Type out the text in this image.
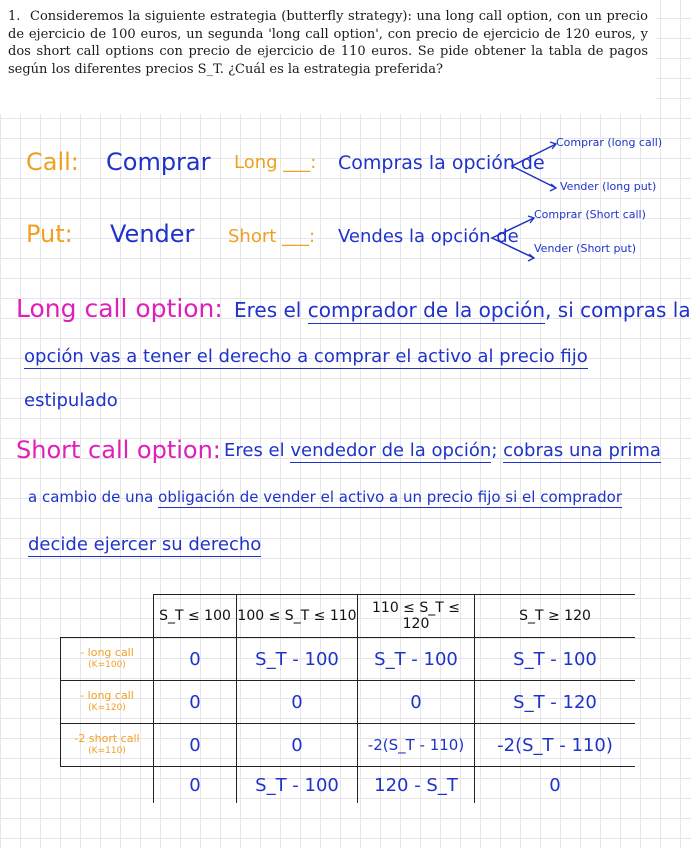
1. Consideremos la siguiente estrategia (butterfly strategy): una long call option, con un precio de ejercicio de 100 euros, un segunda 'long call option', con precio de ejercicio de 120 euros, y dos short call options con precio de ejercicio de 110 euros. Se pide obtener la tabla de pagos según los diferentes precios S_T. ¿Cuál es la estrategia preferida?
Call: Comprar Long ___: Compras la opción de
Comprar (long call)
Vender (long put)
Put: Vender Short ___: Vendes la opción de
Comprar (Short call)
Vender (Short put)
Long call option: Eres el comprador de la opción, si compras la
opción vas a tener el derecho a comprar el activo al precio fijo
estipulado
Short call option: Eres el vendedor de la opción; cobras una prima
a cambio de una obligación de vender el activo a un precio fijo si el comprador
decide ejercer su derecho
	S_T ≤ 100	100 ≤ S_T ≤ 110	110 ≤ S_T ≤ 120	S_T ≥ 120
- long call
(K=100)	0	S_T - 100	S_T - 100	S_T - 100
- long call
(K=120)	0	0	0	S_T - 120
-2 short call
(K=110)	0	0	-2(S_T - 110)	-2(S_T - 110)
	0	S_T - 100	120 - S_T	0
